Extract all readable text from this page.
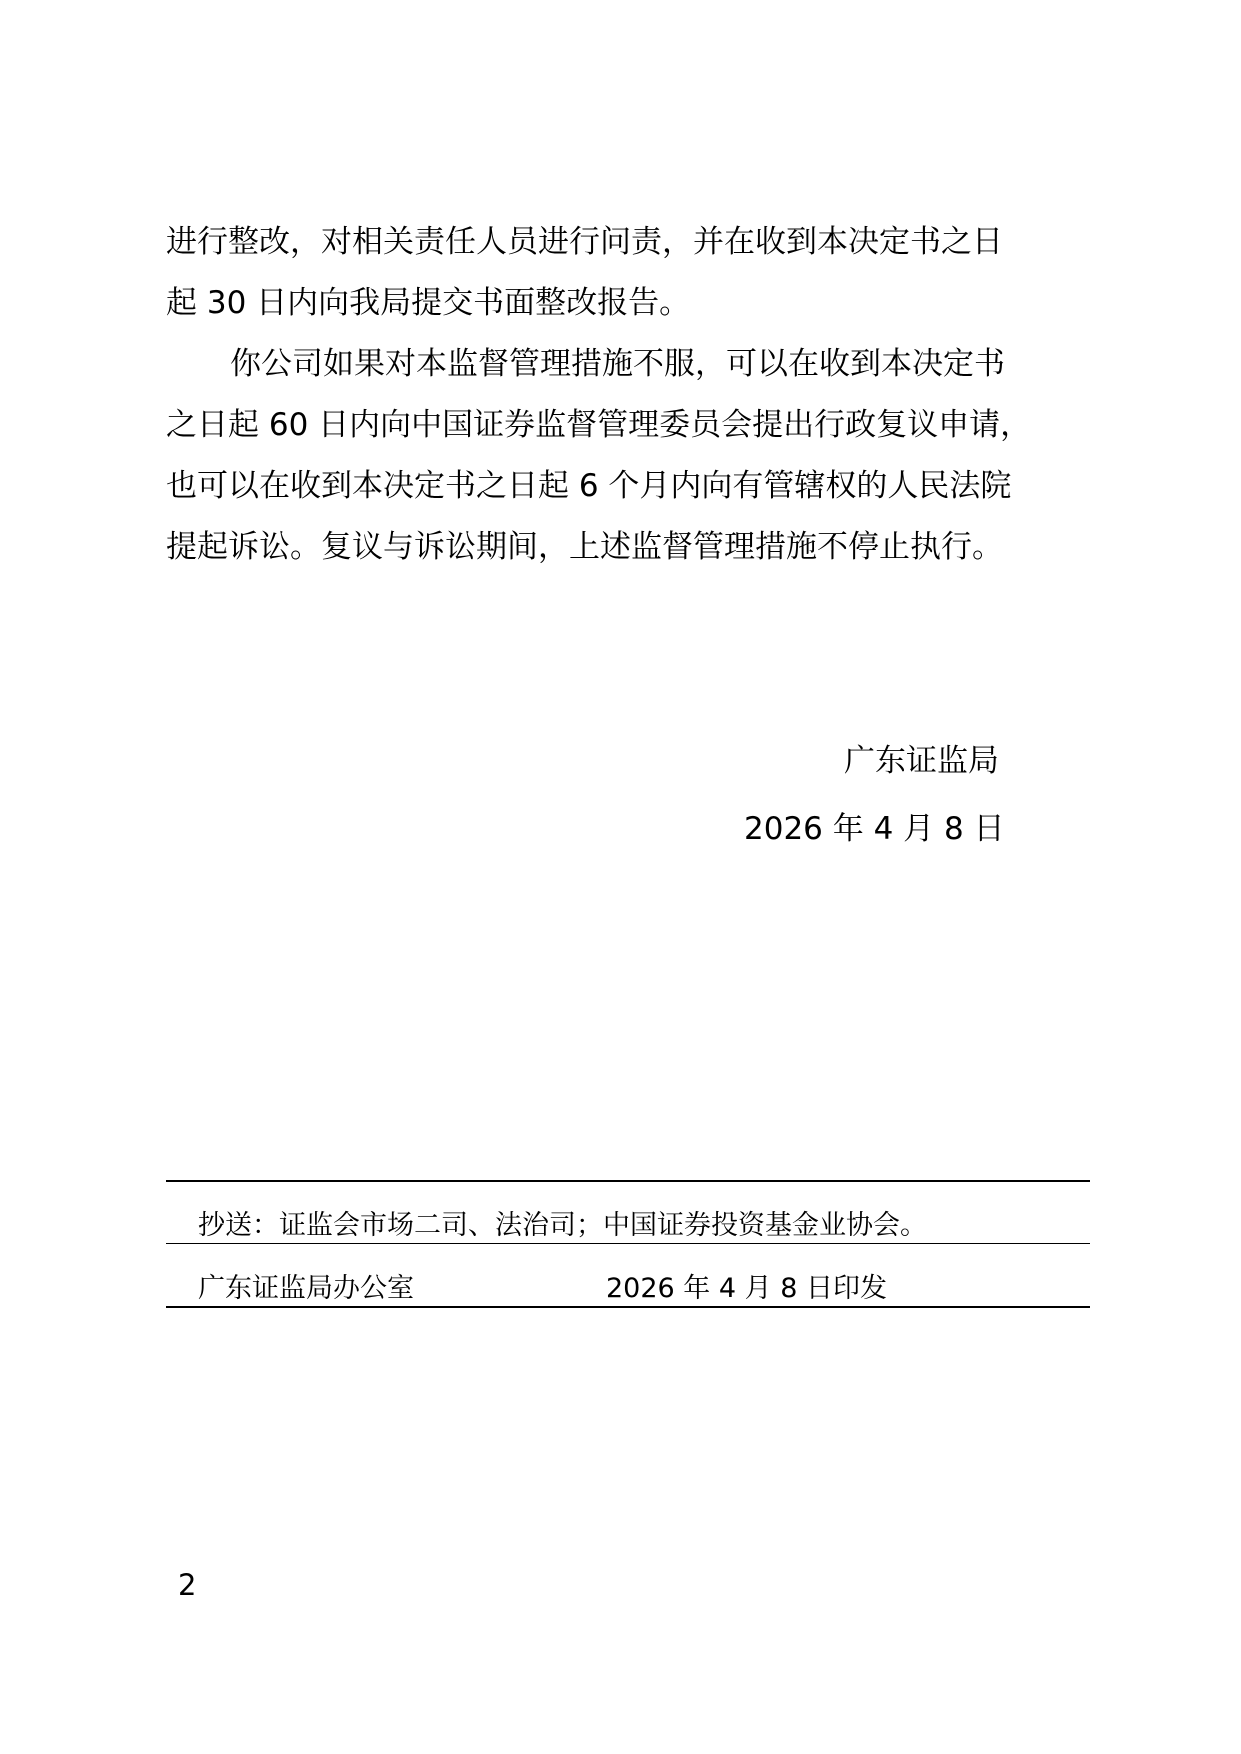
进行整改，对相关责任人员进行问责，并在收到本决定书之日
起 30 日内向我局提交书面整改报告。
你公司如果对本监督管理措施不服，可以在收到本决定书
之日起 60 日内向中国证券监督管理委员会提出行政复议申请，
也可以在收到本决定书之日起 6 个月内向有管辖权的人民法院
提起诉讼。复议与诉讼期间，上述监督管理措施不停止执行。
广东证监局
2026 年 4 月 8 日
抄送：证监会市场二司、法治司；中国证券投资基金业协会。
广东证监局办公室	2026 年 4 月 8 日印发
2
